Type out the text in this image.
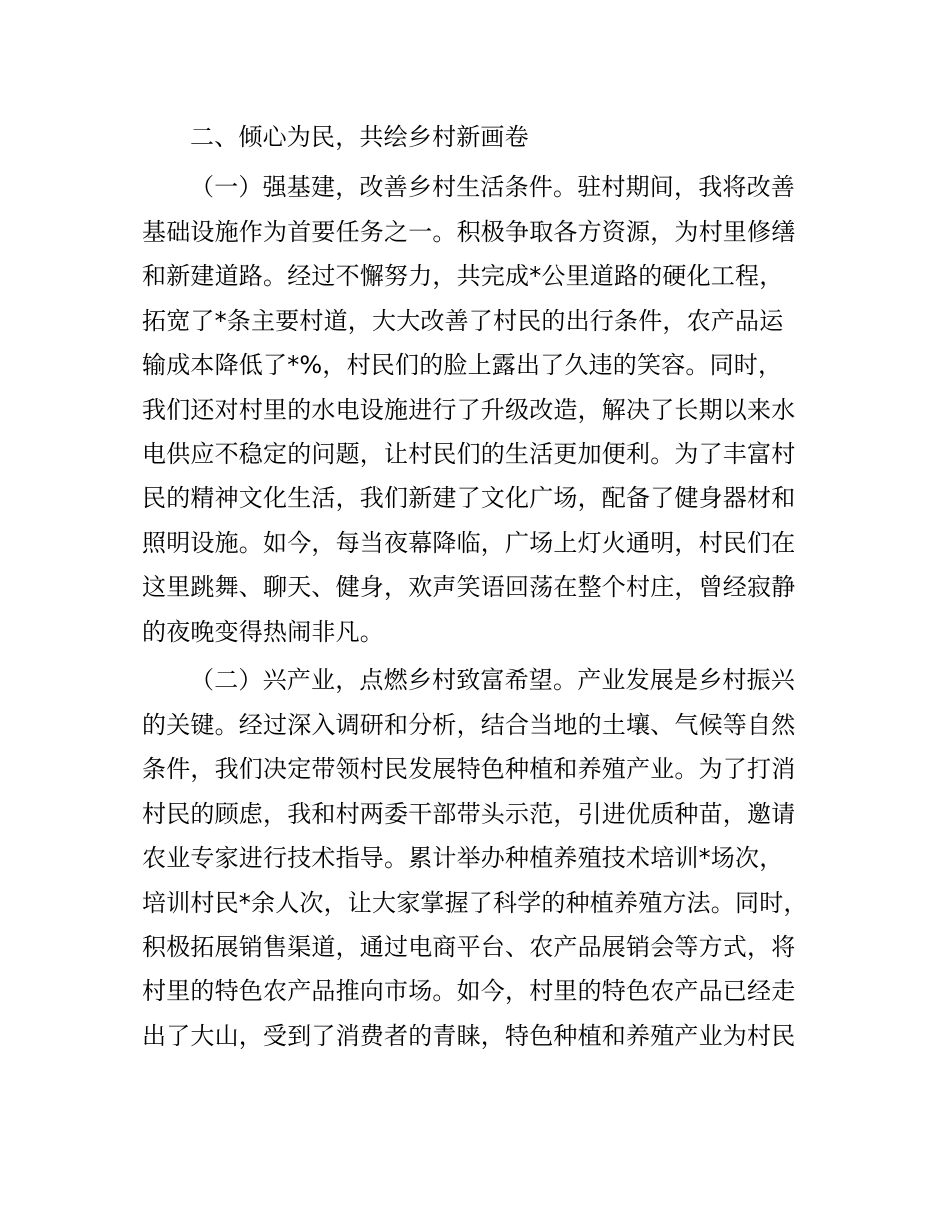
二、倾心为民，共绘乡村新画卷
（一）强基建，改善乡村生活条件。驻村期间，我将改善
基础设施作为首要任务之一。积极争取各方资源，为村里修缮
和新建道路。经过不懈努力，共完成*公里道路的硬化工程，
拓宽了*条主要村道，大大改善了村民的出行条件，农产品运
输成本降低了*%，村民们的脸上露出了久违的笑容。同时，
我们还对村里的水电设施进行了升级改造，解决了长期以来水
电供应不稳定的问题，让村民们的生活更加便利。为了丰富村
民的精神文化生活，我们新建了文化广场，配备了健身器材和
照明设施。如今，每当夜幕降临，广场上灯火通明，村民们在
这里跳舞、聊天、健身，欢声笑语回荡在整个村庄，曾经寂静
的夜晚变得热闹非凡。
（二）兴产业，点燃乡村致富希望。产业发展是乡村振兴
的关键。经过深入调研和分析，结合当地的土壤、气候等自然
条件，我们决定带领村民发展特色种植和养殖产业。为了打消
村民的顾虑，我和村两委干部带头示范，引进优质种苗，邀请
农业专家进行技术指导。累计举办种植养殖技术培训*场次，
培训村民*余人次，让大家掌握了科学的种植养殖方法。同时，
积极拓展销售渠道，通过电商平台、农产品展销会等方式，将
村里的特色农产品推向市场。如今，村里的特色农产品已经走
出了大山，受到了消费者的青睐，特色种植和养殖产业为村民
